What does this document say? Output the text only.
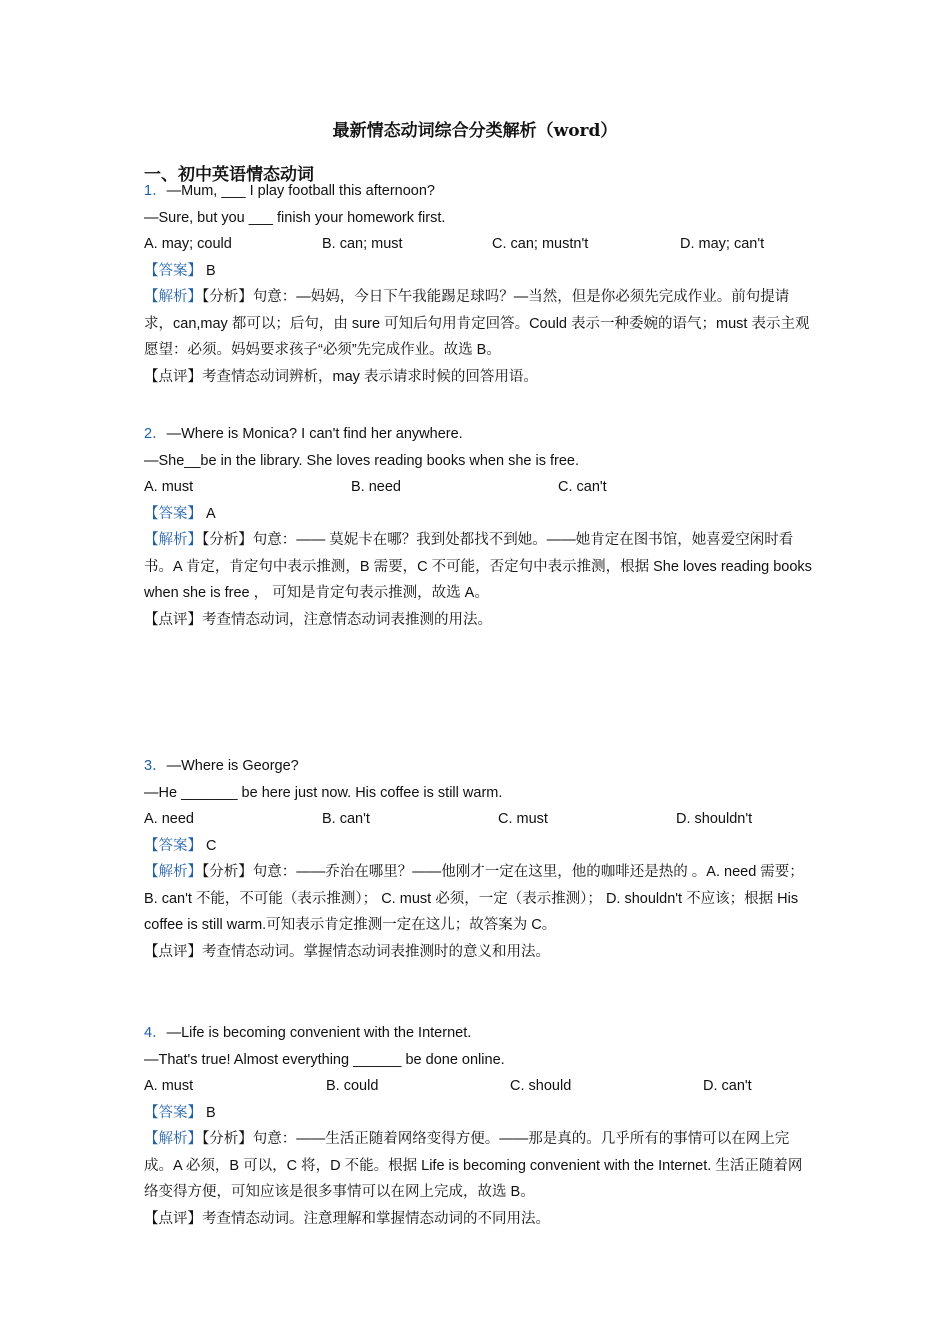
最新情态动词综合分类解析（word）
一、初中英语情态动词
1．—Mum, ___ I play football this afternoon?
—Sure, but you ___ finish your homework first.
A. may; could	B. can; must	C. can; mustn't	D. may; can't
【答案】 B
【解析】【分析】句意：—妈妈，今日下午我能踢足球吗？—当然，但是你必须先完成作业。前句提请求，can,may 都可以；后句，由 sure 可知后句用肯定回答。Could 表示一种委婉的语气；must 表示主观愿望：必须。妈妈要求孩子“必须”先完成作业。故选 B。
【点评】考查情态动词辨析，may 表示请求时候的回答用语。
2．—Where is Monica? I can't find her anywhere.
—She__be in the library. She loves reading books when she is free.
A. must	B. need	C. can't
【答案】 A
【解析】【分析】句意：—— 莫妮卡在哪？我到处都找不到她。——她肯定在图书馆，她喜爱空闲时看书。A 肯定，肯定句中表示推测，B 需要，C 不可能，否定句中表示推测，根据 She loves reading books when she is free ， 可知是肯定句表示推测，故选 A。
【点评】考查情态动词，注意情态动词表推测的用法。
3．—Where is George?
—He _______ be here just now. His coffee is still warm.
A. need	B. can't	C. must	D. shouldn't
【答案】 C
【解析】【分析】句意：——乔治在哪里？——他刚才一定在这里，他的咖啡还是热的 。A. need 需要； B. can't 不能，不可能（表示推测）； C. must 必须，一定（表示推测）； D. shouldn't 不应该；根据 His coffee is still warm.可知表示肯定推测一定在这儿；故答案为 C。
【点评】考查情态动词。掌握情态动词表推测时的意义和用法。
4．—Life is becoming convenient with the Internet.
—That's true! Almost everything ______ be done online.
A. must	B. could	C. should	D. can't
【答案】 B
【解析】【分析】句意：——生活正随着网络变得方便。——那是真的。几乎所有的事情可以在网上完成。A 必须，B 可以，C 将，D 不能。根据 Life is becoming convenient with the Internet. 生活正随着网络变得方便，可知应该是很多事情可以在网上完成，故选 B。
【点评】考查情态动词。注意理解和掌握情态动词的不同用法。
